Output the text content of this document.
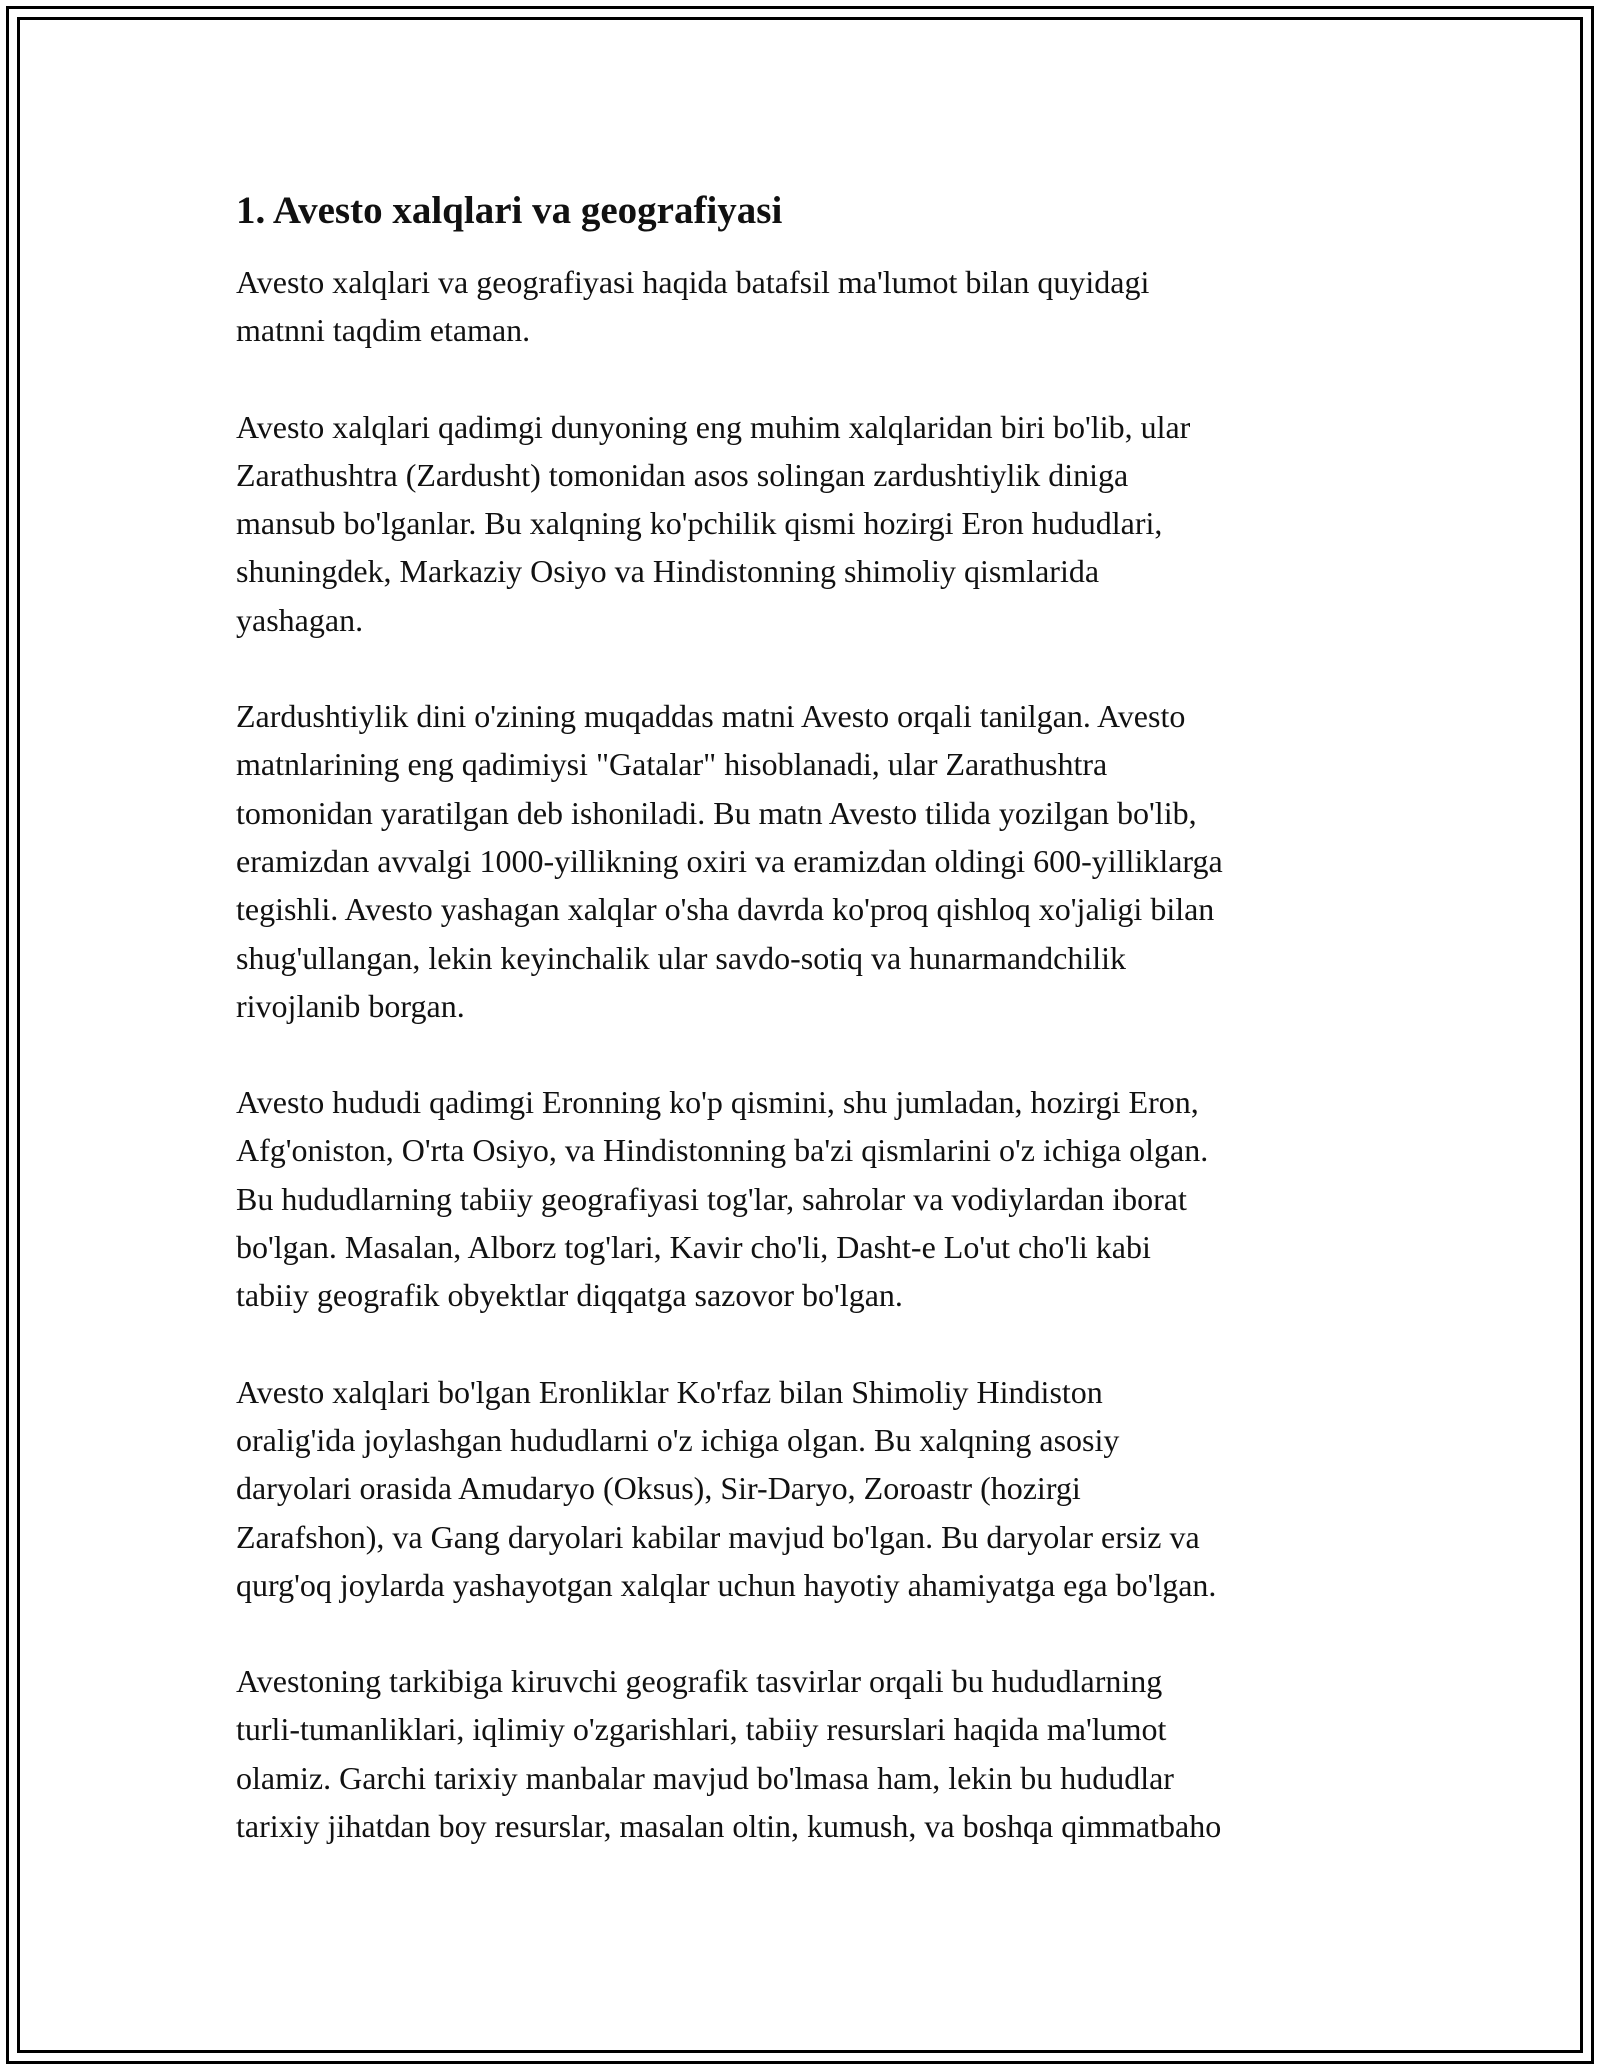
1. Avesto xalqlari va geografiyasi

Avesto xalqlari va geografiyasi haqida batafsil ma'lumot bilan quyidagi
matnni taqdim etaman.

Avesto xalqlari qadimgi dunyoning eng muhim xalqlaridan biri bo'lib, ular
Zarathushtra (Zardusht) tomonidan asos solingan zardushtiylik diniga
mansub bo'lganlar. Bu xalqning ko'pchilik qismi hozirgi Eron hududlari,
shuningdek, Markaziy Osiyo va Hindistonning shimoliy qismlarida
yashagan.

Zardushtiylik dini o'zining muqaddas matni Avesto orqali tanilgan. Avesto
matnlarining eng qadimiysi "Gatalar" hisoblanadi, ular Zarathushtra
tomonidan yaratilgan deb ishoniladi. Bu matn Avesto tilida yozilgan bo'lib,
eramizdan avvalgi 1000-yillikning oxiri va eramizdan oldingi 600-yilliklarga
tegishli. Avesto yashagan xalqlar o'sha davrda ko'proq qishloq xo'jaligi bilan
shug'ullangan, lekin keyinchalik ular savdo-sotiq va hunarmandchilik
rivojlanib borgan.

Avesto hududi qadimgi Eronning ko'p qismini, shu jumladan, hozirgi Eron,
Afg'oniston, O'rta Osiyo, va Hindistonning ba'zi qismlarini o'z ichiga olgan.
Bu hududlarning tabiiy geografiyasi tog'lar, sahrolar va vodiylardan iborat
bo'lgan. Masalan, Alborz tog'lari, Kavir cho'li, Dasht-e Lo'ut cho'li kabi
tabiiy geografik obyektlar diqqatga sazovor bo'lgan.

Avesto xalqlari bo'lgan Eronliklar Ko'rfaz bilan Shimoliy Hindiston
oralig'ida joylashgan hududlarni o'z ichiga olgan. Bu xalqning asosiy
daryolari orasida Amudaryo (Oksus), Sir-Daryo, Zoroastr (hozirgi
Zarafshon), va Gang daryolari kabilar mavjud bo'lgan. Bu daryolar ersiz va
qurg'oq joylarda yashayotgan xalqlar uchun hayotiy ahamiyatga ega bo'lgan.

Avestoning tarkibiga kiruvchi geografik tasvirlar orqali bu hududlarning
turli-tumanliklari, iqlimiy o'zgarishlari, tabiiy resurslari haqida ma'lumot
olamiz. Garchi tarixiy manbalar mavjud bo'lmasa ham, lekin bu hududlar
tarixiy jihatdan boy resurslar, masalan oltin, kumush, va boshqa qimmatbaho
